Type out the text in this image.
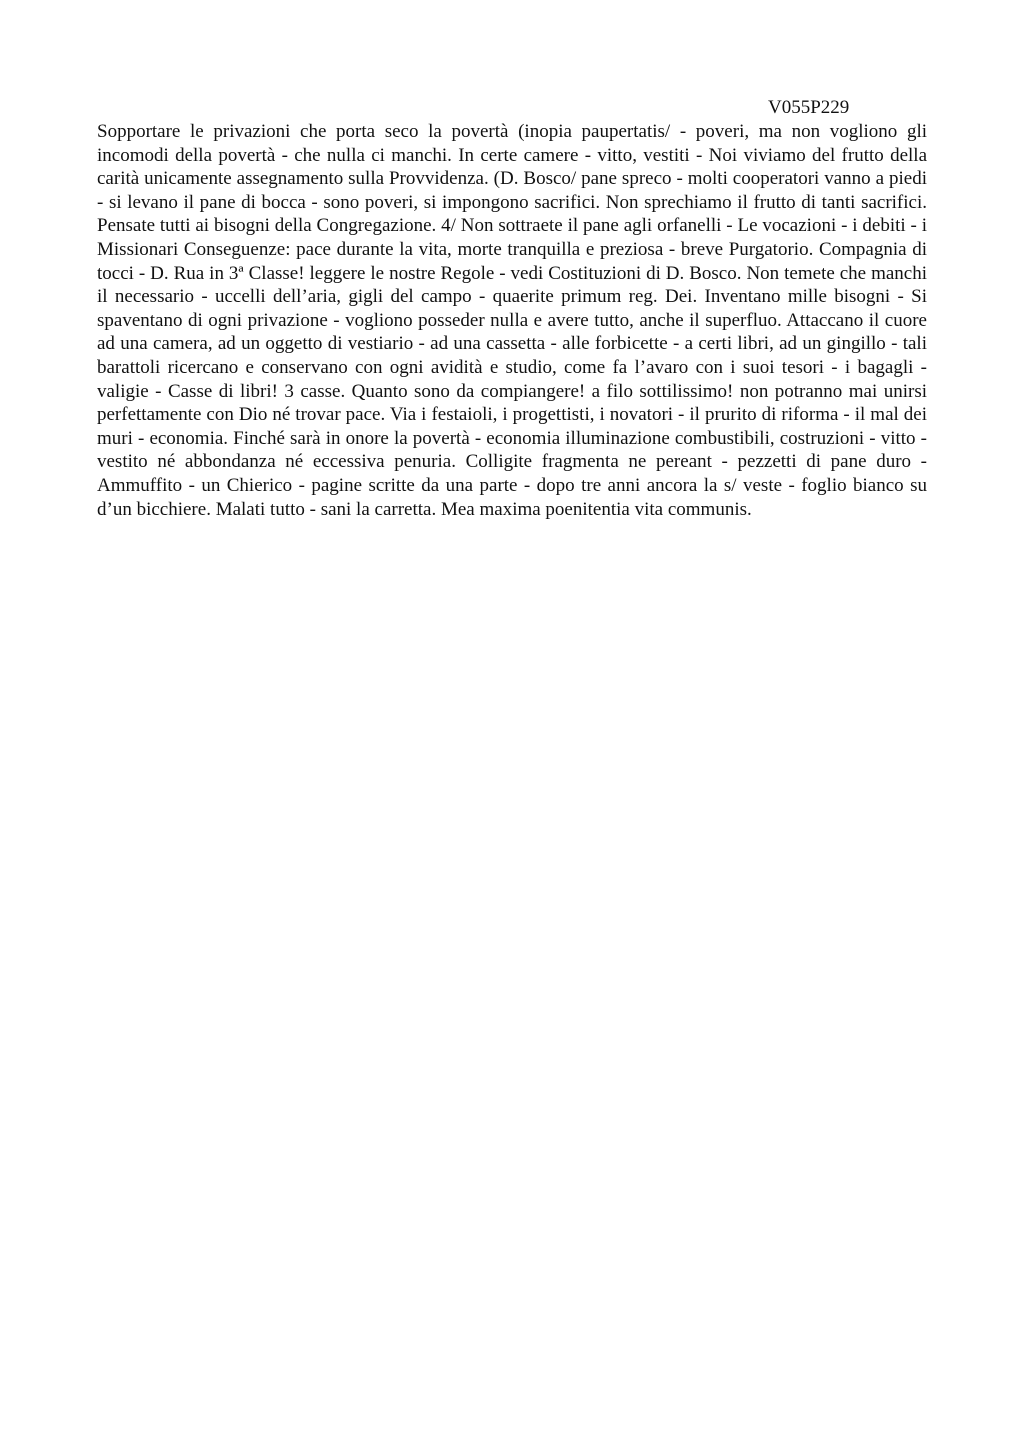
V055P229

Sopportare le privazioni che porta seco la povertà (inopia paupertatis/ - poveri, ma non vogliono gli incomodi della povertà - che nulla ci manchi. In certe camere - vitto, vestiti - Noi viviamo del frutto della carità unicamente assegnamento sulla Provvidenza. (D. Bosco/ pane spreco - molti cooperatori vanno a piedi - si levano il pane di bocca - sono poveri, si impongono sacrifici. Non sprechiamo il frutto di tanti sacrifici. Pensate tutti ai bisogni della Congregazione. 4/ Non sottraete il pane agli orfanelli - Le vocazioni - i debiti - i Missionari Conseguenze: pace durante la vita, morte tranquilla e preziosa - breve Purgatorio. Compagnia di tocci - D. Rua in 3ª Classe! leggere le nostre Regole - vedi Costituzioni di D. Bosco. Non temete che manchi il necessario - uccelli dell’aria, gigli del campo - quaerite primum reg. Dei. Inventano mille bisogni - Si spaventano di ogni privazione - vogliono posseder nulla e avere tutto, anche il superfluo. Attaccano il cuore ad una camera, ad un oggetto di vestiario - ad una cassetta - alle forbicette - a certi libri, ad un gingillo - tali barattoli ricercano e conservano con ogni avidità e studio, come fa l’avaro con i suoi tesori - i bagagli - valigie - Casse di libri! 3 casse. Quanto sono da compiangere! a filo sottilissimo! non potranno mai unirsi perfettamente con Dio né trovar pace. Via i festaioli, i progettisti, i novatori - il prurito di riforma - il mal dei muri - economia. Finché sarà in onore la povertà - economia illuminazione combustibili, costruzioni - vitto - vestito né abbondanza né eccessiva penuria. Colligite fragmenta ne pereant - pezzetti di pane duro - Ammuffito - un Chierico - pagine scritte da una parte - dopo tre anni ancora la s/ veste - foglio bianco su d’un bicchiere. Malati tutto - sani la carretta. Mea maxima poenitentia vita communis.
